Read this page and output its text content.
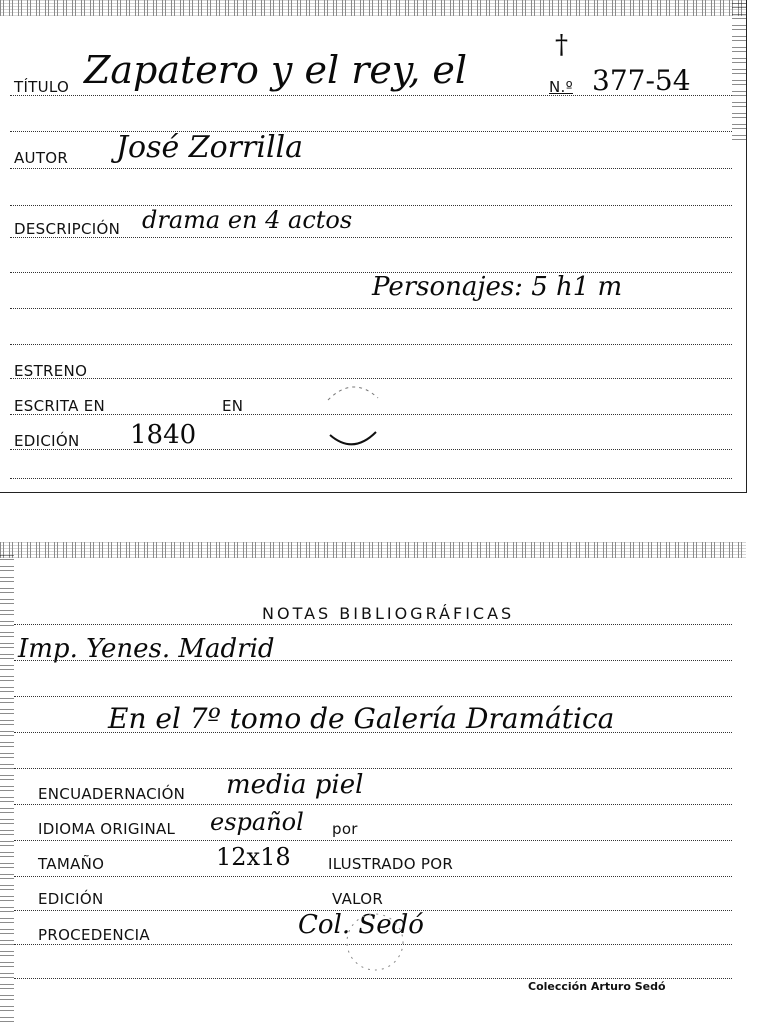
TÍTULO Zapatero y el rey, el
†
N.º 377-54
AUTOR José Zorrilla
DESCRIPCIÓN drama en 4 actos
Personajes: 5 h1 m
ESTRENO
ESCRITA EN	EN
EDICIÓN 1840
NOTAS BIBLIOGRÁFICAS
Imp. Yenes. Madrid
En el 7º tomo de Galería Dramática
ENCUADERNACIÓN media piel
IDIOMA ORIGINAL español por
TAMAÑO	12x18 ILUSTRADO POR
EDICIÓN	VALOR
PROCEDENCIA	Col. Sedó
Colección Arturo Sedó
